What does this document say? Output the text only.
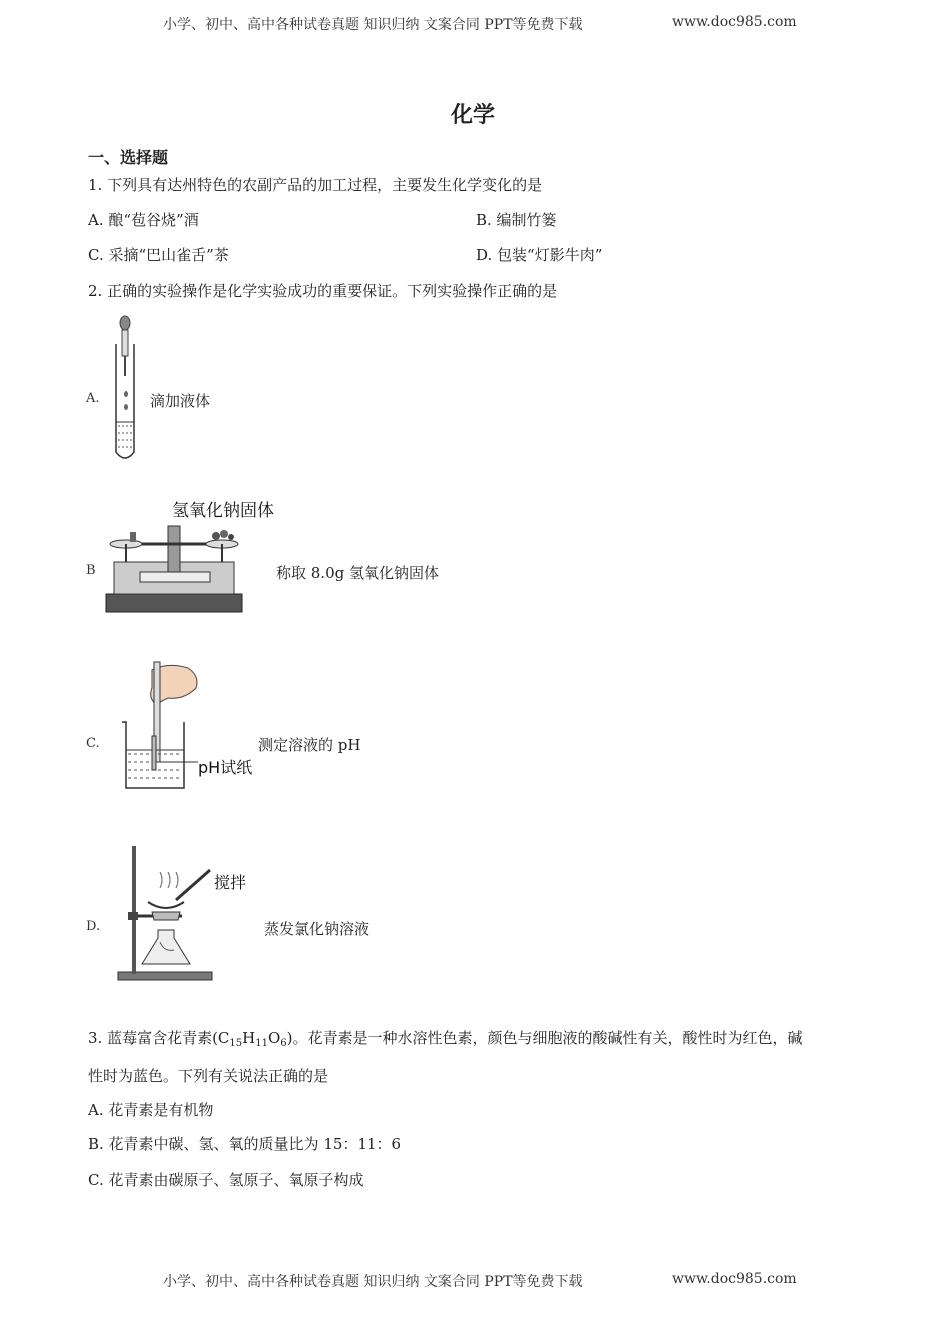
小学、初中、高中各种试卷真题 知识归纳 文案合同 PPT等免费下载	www.doc985.com
化学
一、选择题
1. 下列具有达州特色的农副产品的加工过程，主要发生化学变化的是
A. 酿“苞谷烧”酒	B. 编制竹篓
C. 采摘“巴山雀舌”茶	D. 包装“灯影牛肉”
2. 正确的实验操作是化学实验成功的重要保证。下列实验操作正确的是
A.	滴加液体
B
氢氧化钠固体
称取 8.0g 氢氧化钠固体
C.
pH试纸
测定溶液的 pH
D.
搅拌
蒸发氯化钠溶液
3. 蓝莓富含花青素$(C_{15}H_{11}O_6)$。花青素是一种水溶性色素，颜色与细胞液的酸碱性有关，酸性时为红色，碱
性时为蓝色。下列有关说法正确的是
A. 花青素是有机物
B. 花青素中碳、氢、氧的质量比为 15：11：6
C. 花青素由碳原子、氢原子、氧原子构成
小学、初中、高中各种试卷真题 知识归纳 文案合同 PPT等免费下载	www.doc985.com
